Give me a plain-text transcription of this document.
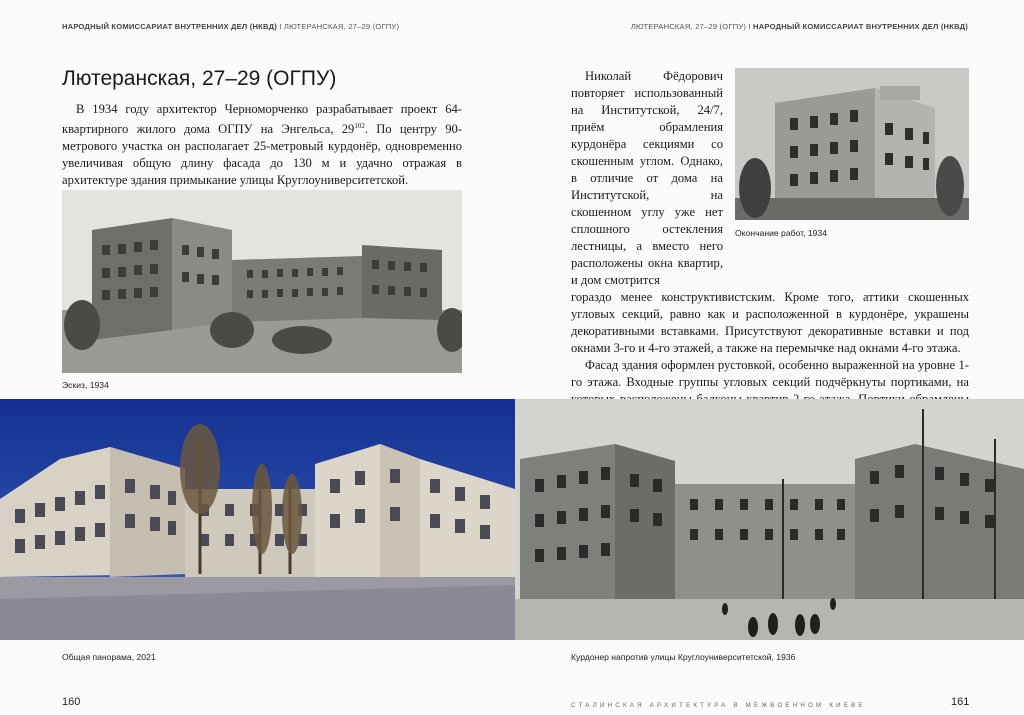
НАРОДНЫЙ КОМИССАРИАТ ВНУТРЕННИХ ДЕЛ (НКВД) I ЛЮТЕРАНСКАЯ, 27–29 (ОГПУ)	ЛЮТЕРАНСКАЯ, 27–29 (ОГПУ) I НАРОДНЫЙ КОМИССАРИАТ ВНУТРЕННИХ ДЕЛ (НКВД)
Лютеранская, 27–29 (ОГПУ)

В 1934 году архитектор Черноморченко разрабатывает проект 64-квартирного жилого дома ОГПУ на Энгельса, $29^{102}$. По центру 90-метрового участка он располагает 25-метровый курдонёр, одновременно увеличивая общую длину фасада до 130 м и удачно отражая в архитектуре здания примыкание улицы Круглоуниверситетской.

Эскиз, 1934

Николай Фёдорович повторяет использованный на Институтской, 24/7, приём обрамления курдонёра секциями со скошенным углом. Однако, в отличие от дома на Институтской, на скошенном углу уже нет сплошного остекления лестницы, а вместо него расположены окна квартир, и дом смотрится

гораздо менее конструктивистским. Кроме того, аттики скошенных угловых секций, равно как и расположенной в курдонёре, украшены декоративными вставками. Присутствуют декоративные вставки и под окнами 3-го и 4-го этажей, а также на перемычке над окнами 4-го этажа.

Фасад здания оформлен рустовкой, особенно выраженной на уровне 1-го этажа. Входные группы угловых секций подчёркнуты портиками, на

Окончание работ, 1934
Общая панорама, 2021	Курдонер напротив улицы Круглоуниверситетской, 1936
160	СТАЛИНСКАЯ АРХИТЕКТУРА В МЕЖВОЕННОМ КИЕВЕ	161
